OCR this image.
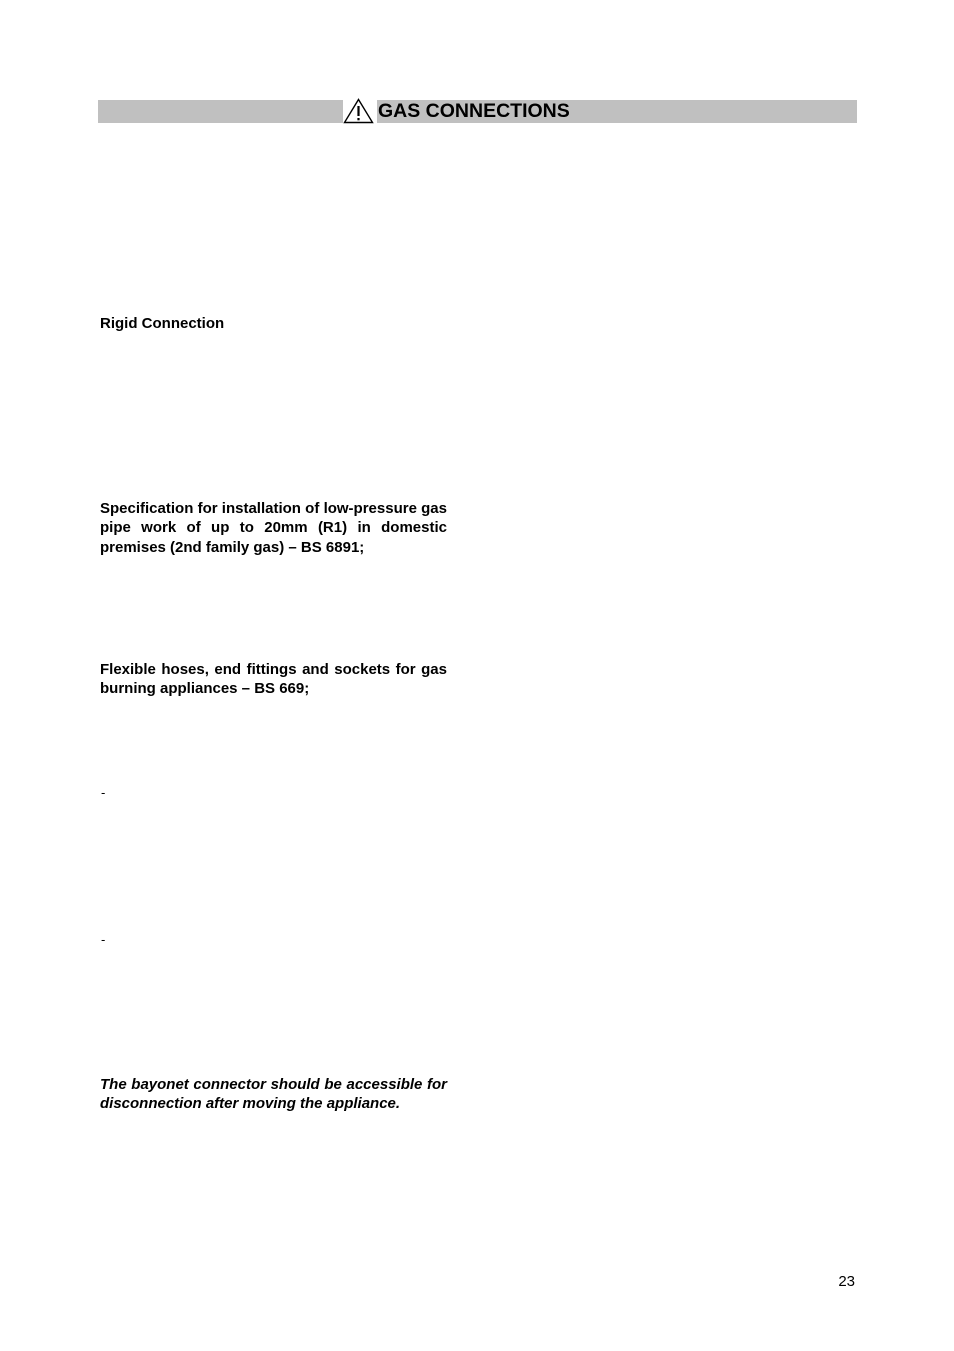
GAS CONNECTIONS
Rigid Connection
Specification for installation of low-pressure gas pipe work of up to 20mm (R1) in domestic premises (2nd family gas) – BS 6891;
Flexible hoses, end fittings and sockets for gas burning appliances – BS 669;
-
-
The bayonet connector should be accessible for disconnection after moving the appliance.
23
